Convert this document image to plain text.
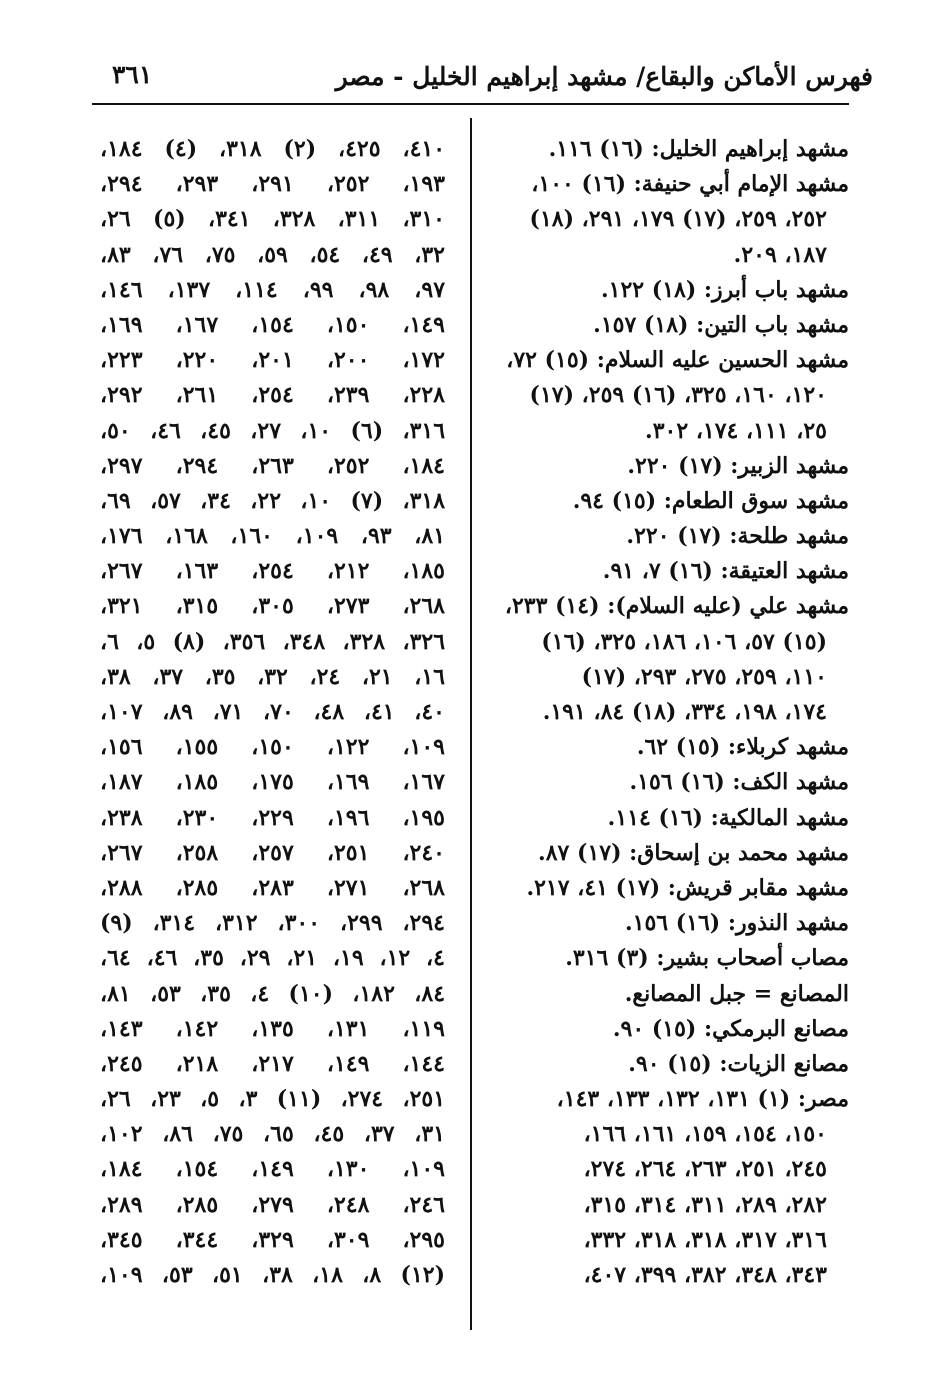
فهرس الأماكن والبقاع/ مشهد إبراهيم الخليل - مصر
٣٦١
مشهد إبراهيم الخليل: (١٦) ١١٦.
مشهد الإمام أبي حنيفة: (١٦) ١٠٠،
٢٥٢، ٢٥٩، (١٧) ١٧٩، ٢٩١، (١٨)
١٨٧، ٢٠٩.
مشهد باب أبرز: (١٨) ١٢٢.
مشهد باب التين: (١٨) ١٥٧.
مشهد الحسين عليه السلام: (١٥) ٧٢،
١٢٠، ١٦٠، ٣٢٥، (١٦) ٢٥٩، (١٧)
٢٥، ١١١، ١٧٤، ٣٠٢.
مشهد الزبير: (١٧) ٢٢٠.
مشهد سوق الطعام: (١٥) ٩٤.
مشهد طلحة: (١٧) ٢٢٠.
مشهد العتيقة: (١٦) ٧، ٩١.
مشهد علي (عليه السلام): (١٤) ٢٣٣،
(١٥) ٥٧، ١٠٦، ١٨٦، ٣٢٥، (١٦)
١١٠، ٢٥٩، ٢٧٥، ٢٩٣، (١٧)
١٧٤، ١٩٨، ٣٣٤، (١٨) ٨٤، ١٩١.
مشهد كربلاء: (١٥) ٦٢.
مشهد الكف: (١٦) ١٥٦.
مشهد المالكية: (١٦) ١١٤.
مشهد محمد بن إسحاق: (١٧) ٨٧.
مشهد مقابر قريش: (١٧) ٤١، ٢١٧.
مشهد النذور: (١٦) ١٥٦.
مصاب أصحاب بشير: (٣) ٣١٦.
المصانع = جبل المصانع.
مصانع البرمكي: (١٥) ٩٠.
مصانع الزيات: (١٥) ٩٠.
مصر: (١) ١٣١، ١٣٢، ١٣٣، ١٤٣،
١٥٠، ١٥٤، ١٥٩، ١٦١، ١٦٦،
٢٤٥، ٢٥١، ٢٦٣، ٢٦٤، ٢٧٤،
٢٨٢، ٢٨٩، ٣١١، ٣١٤، ٣١٥،
٣١٦، ٣١٧، ٣١٨، ٣١٨، ٣٣٢،
٣٤٣، ٣٤٨، ٣٨٢، ٣٩٩، ٤٠٧،
٤١٠، ٤٢٥، (٢) ٣١٨، (٤) ١٨٤،
١٩٣، ٢٥٢، ٢٩١، ٢٩٣، ٢٩٤،
٣١٠، ٣١١، ٣٢٨، ٣٤١، (٥) ٢٦،
٣٢، ٤٩، ٥٤، ٥٩، ٧٥، ٧٦، ٨٣،
٩٧، ٩٨، ٩٩، ١١٤، ١٣٧، ١٤٦،
١٤٩، ١٥٠، ١٥٤، ١٦٧، ١٦٩،
١٧٢، ٢٠٠، ٢٠١، ٢٢٠، ٢٢٣،
٢٢٨، ٢٣٩، ٢٥٤، ٢٦١، ٢٩٢،
٣١٦، (٦) ١٠، ٢٧، ٤٥، ٤٦، ٥٠،
١٨٤، ٢٥٢، ٢٦٣، ٢٩٤، ٢٩٧،
٣١٨، (٧) ١٠، ٢٢، ٣٤، ٥٧، ٦٩،
٨١، ٩٣، ١٠٩، ١٦٠، ١٦٨، ١٧٦،
١٨٥، ٢١٢، ٢٥٤، ١٦٣، ٢٦٧،
٢٦٨، ٢٧٣، ٣٠٥، ٣١٥، ٣٢١،
٣٢٦، ٣٢٨، ٣٤٨، ٣٥٦، (٨) ٥، ٦،
١٦، ٢١، ٢٤، ٣٢، ٣٥، ٣٧، ٣٨،
٤٠، ٤١، ٤٨، ٧٠، ٧١، ٨٩، ١٠٧،
١٠٩، ١٢٢، ١٥٠، ١٥٥، ١٥٦،
١٦٧، ١٦٩، ١٧٥، ١٨٥، ١٨٧،
١٩٥، ١٩٦، ٢٢٩، ٢٣٠، ٢٣٨،
٢٤٠، ٢٥١، ٢٥٧، ٢٥٨، ٢٦٧،
٢٦٨، ٢٧١، ٢٨٣، ٢٨٥، ٢٨٨،
٢٩٤، ٢٩٩، ٣٠٠، ٣١٢، ٣١٤، (٩)
٤، ١٢، ١٩، ٢١، ٢٩، ٣٥، ٤٦، ٦٤،
٨٤، ١٨٢، (١٠) ٤، ٣٥، ٥٣، ٨١،
١١٩، ١٣١، ١٣٥، ١٤٢، ١٤٣،
١٤٤، ١٤٩، ٢١٧، ٢١٨، ٢٤٥،
٢٥١، ٢٧٤، (١١) ٣، ٥، ٢٣، ٢٦،
٣١، ٣٧، ٤٥، ٦٥، ٧٥، ٨٦، ١٠٢،
١٠٩، ١٣٠، ١٤٩، ١٥٤، ١٨٤،
٢٤٦، ٢٤٨، ٢٧٩، ٢٨٥، ٢٨٩،
٢٩٥، ٣٠٩، ٣٢٩، ٣٤٤، ٣٤٥،
(١٢) ٨، ١٨، ٣٨، ٥١، ٥٣، ١٠٩،
